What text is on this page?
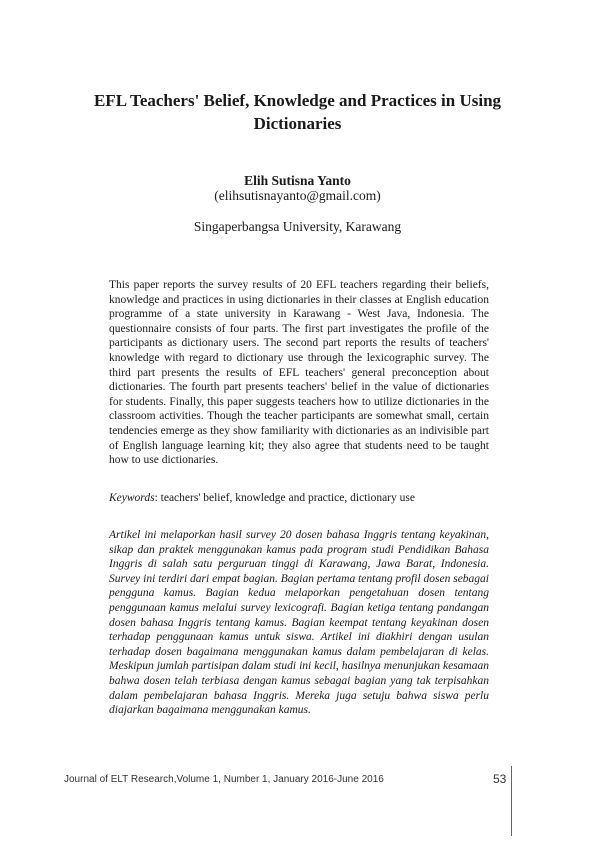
EFL Teachers' Belief, Knowledge and Practices in Using Dictionaries
Elih Sutisna Yanto
(elihsutisnayanto@gmail.com)
Singaperbangsa University, Karawang

This paper reports the survey results of 20 EFL teachers regarding their beliefs, knowledge and practices in using dictionaries in their classes at English education programme of a state university in Karawang - West Java, Indonesia. The questionnaire consists of four parts. The first part investigates the profile of the participants as dictionary users. The second part reports the results of teachers' knowledge with regard to dictionary use through the lexicographic survey. The third part presents the results of EFL teachers' general preconception about dictionaries. The fourth part presents teachers' belief in the value of dictionaries for students. Finally, this paper suggests teachers how to utilize dictionaries in the classroom activities. Though the teacher participants are somewhat small, certain tendencies emerge as they show familiarity with dictionaries as an indivisible part of English language learning kit; they also agree that students need to be taught how to use dictionaries.

Keywords: teachers' belief, knowledge and practice, dictionary use

Artikel ini melaporkan hasil survey 20 dosen bahasa Inggris tentang keyakinan, sikap dan praktek menggunakan kamus pada program studi Pendidikan Bahasa Inggris di salah satu perguruan tinggi di Karawang, Jawa Barat, Indonesia. Survey ini terdiri dari empat bagian. Bagian pertama tentang profil dosen sebagai pengguna kamus. Bagian kedua melaporkan pengetahuan dosen tentang penggunaan kamus melalui survey lexicografi. Bagian ketiga tentang pandangan dosen bahasa Inggris tentang kamus. Bagian keempat tentang keyakinan dosen terhadap penggunaan kamus untuk siswa. Artikel ini diakhiri dengan usulan terhadap dosen bagaimana menggunakan kamus dalam pembelajaran di kelas. Meskipun jumlah partisipan dalam studi ini kecil, hasilnya menunjukan kesamaan bahwa dosen telah terbiasa dengan kamus sebagai bagian yang tak terpisahkan dalam pembelajaran bahasa Inggris. Mereka juga setuju bahwa siswa perlu diajarkan bagaimana menggunakan kamus.

Journal of ELT Research,Volume 1, Number 1, January 2016-June 2016	53
